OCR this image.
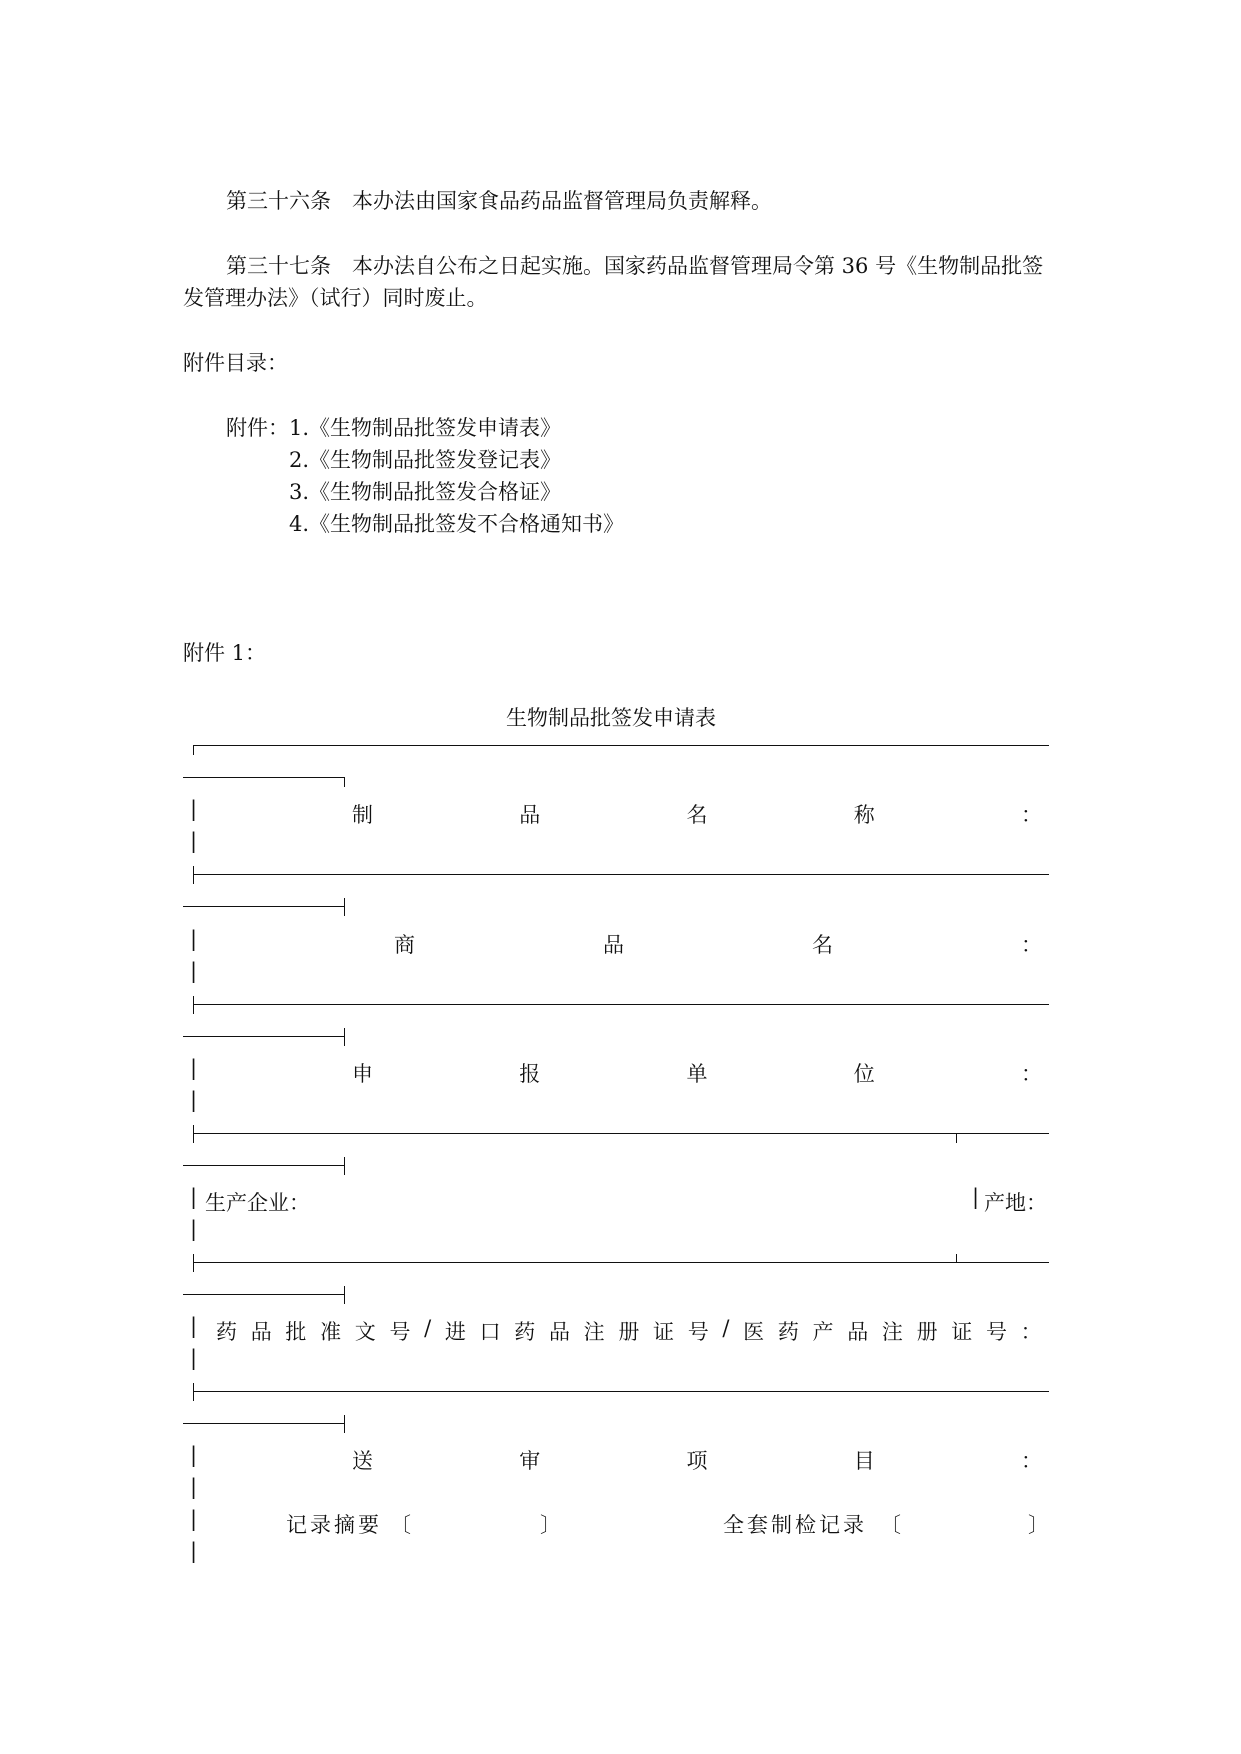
第三十六条　本办法由国家食品药品监督管理局负责解释。
第三十七条　本办法自公布之日起实施。国家药品监督管理局令第 36 号《生物制品批签
发管理办法》（试行）同时废止。
附件目录：
附件： 1.《生物制品批签发申请表》
2.《生物制品批签发登记表》
3.《生物制品批签发合格证》
4.《生物制品批签发不合格通知书》
附件 1：
生物制品批签发申请表
|	制	品	名	称	：
|
|	商	品	名	：
|
|	申	报	单	位	：
|
| 生产企业：	| 产地：
|
| 药 品 批 准 文 号 / 进 口 药 品 注 册 证 号 / 医 药 产 品 注 册 证 号 ：
|
|	送	审	项	目	：
|
|	记录摘要 〔	〕	全套制检记录 〔	〕
|
